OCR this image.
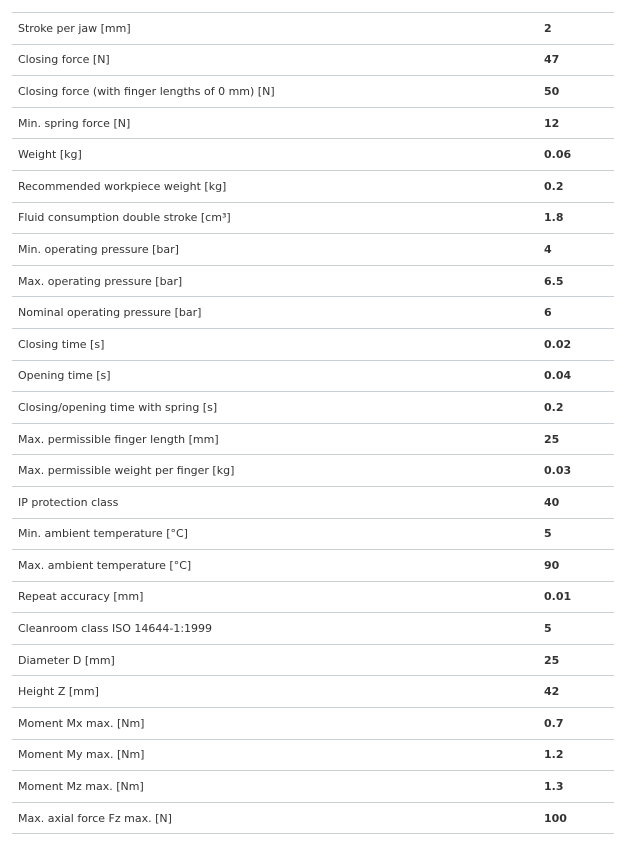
Stroke per jaw [mm]	2
Closing force [N]	47
Closing force (with finger lengths of 0 mm) [N]	50
Min. spring force [N]	12
Weight [kg]	0.06
Recommended workpiece weight [kg]	0.2
Fluid consumption double stroke [cm³]	1.8
Min. operating pressure [bar]	4
Max. operating pressure [bar]	6.5
Nominal operating pressure [bar]	6
Closing time [s]	0.02
Opening time [s]	0.04
Closing/opening time with spring [s]	0.2
Max. permissible finger length [mm]	25
Max. permissible weight per finger [kg]	0.03
IP protection class	40
Min. ambient temperature [°C]	5
Max. ambient temperature [°C]	90
Repeat accuracy [mm]	0.01
Cleanroom class ISO 14644-1:1999	5
Diameter D [mm]	25
Height Z [mm]	42
Moment Mx max. [Nm]	0.7
Moment My max. [Nm]	1.2
Moment Mz max. [Nm]	1.3
Max. axial force Fz max. [N]	100
